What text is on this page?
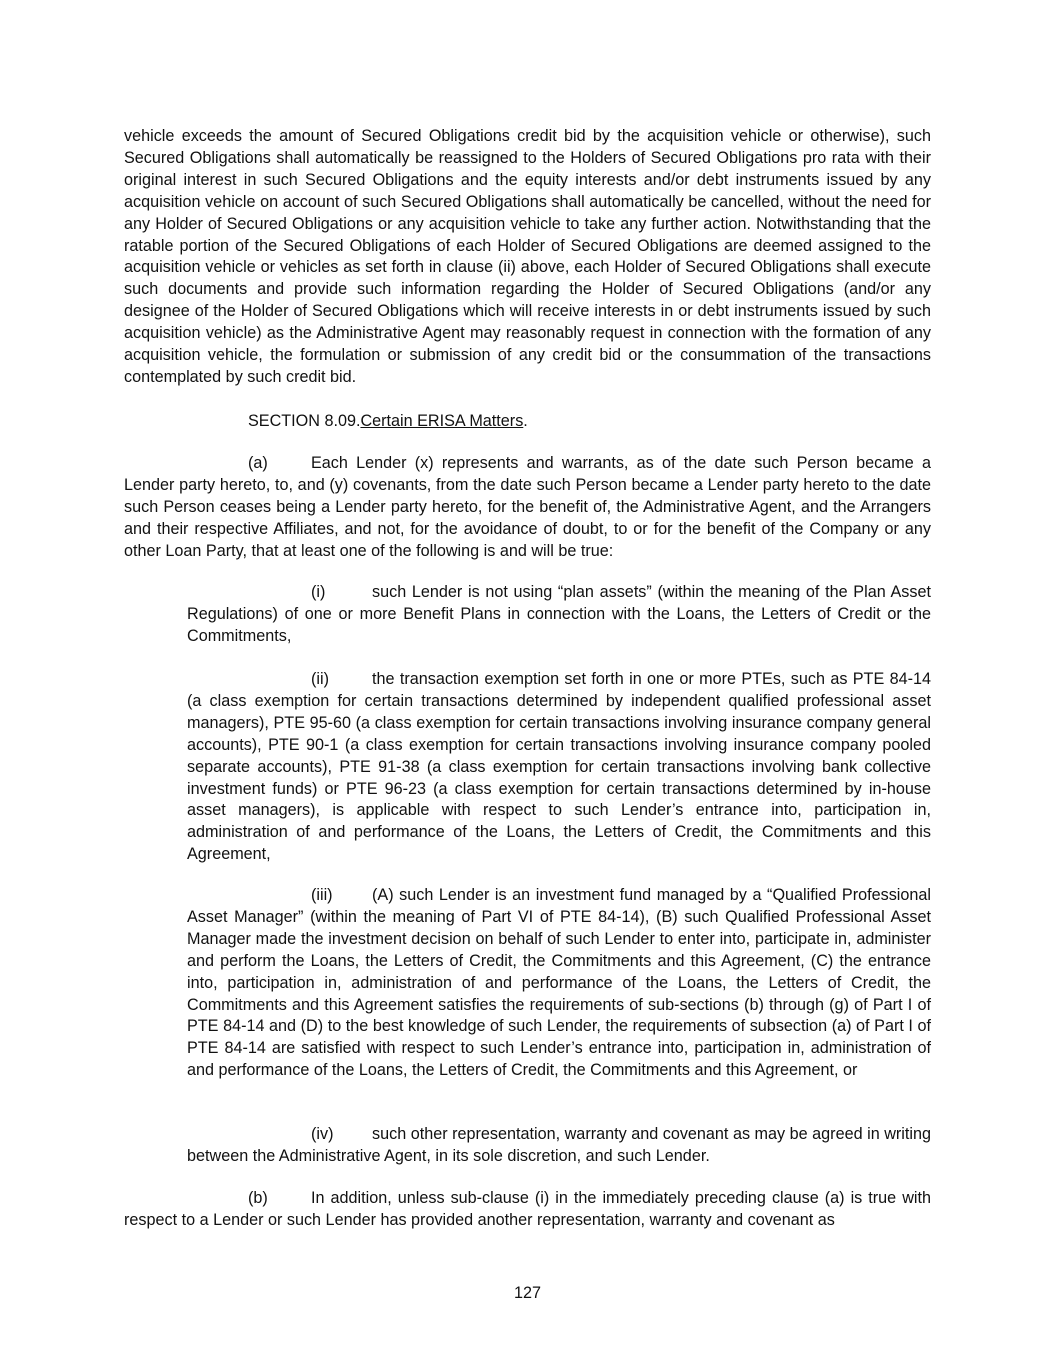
vehicle exceeds the amount of Secured Obligations credit bid by the acquisition vehicle or otherwise), such Secured Obligations shall automatically be reassigned to the Holders of Secured Obligations pro rata with their original interest in such Secured Obligations and the equity interests and/or debt instruments issued by any acquisition vehicle on account of such Secured Obligations shall automatically be cancelled, without the need for any Holder of Secured Obligations or any acquisition vehicle to take any further action. Notwithstanding that the ratable portion of the Secured Obligations of each Holder of Secured Obligations are deemed assigned to the acquisition vehicle or vehicles as set forth in clause (ii) above, each Holder of Secured Obligations shall execute such documents and provide such information regarding the Holder of Secured Obligations (and/or any designee of the Holder of Secured Obligations which will receive interests in or debt instruments issued by such acquisition vehicle) as the Administrative Agent may reasonably request in connection with the formation of any acquisition vehicle, the formulation or submission of any credit bid or the consummation of the transactions contemplated by such credit bid.

SECTION 8.09.Certain ERISA Matters.

(a)	Each Lender (x) represents and warrants, as of the date such Person became a Lender party hereto, to, and (y) covenants, from the date such Person became a Lender party hereto to the date such Person ceases being a Lender party hereto, for the benefit of, the Administrative Agent, and the Arrangers and their respective Affiliates, and not, for the avoidance of doubt, to or for the benefit of the Company or any other Loan Party, that at least one of the following is and will be true:

(i)	such Lender is not using “plan assets” (within the meaning of the Plan Asset Regulations) of one or more Benefit Plans in connection with the Loans, the Letters of Credit or the Commitments,

(ii)	the transaction exemption set forth in one or more PTEs, such as PTE 84-14 (a class exemption for certain transactions determined by independent qualified professional asset managers), PTE 95-60 (a class exemption for certain transactions involving insurance company general accounts), PTE 90-1 (a class exemption for certain transactions involving insurance company pooled separate accounts), PTE 91-38 (a class exemption for certain transactions involving bank collective investment funds) or PTE 96-23 (a class exemption for certain transactions determined by in-house asset managers), is applicable with respect to such Lender’s entrance into, participation in, administration of and performance of the Loans, the Letters of Credit, the Commitments and this Agreement,

(iii) (A) such Lender is an investment fund managed by a “Qualified Professional Asset Manager” (within the meaning of Part VI of PTE 84-14), (B) such Qualified Professional Asset Manager made the investment decision on behalf of such Lender to enter into, participate in, administer and perform the Loans, the Letters of Credit, the Commitments and this Agreement, (C) the entrance into, participation in, administration of and performance of the Loans, the Letters of Credit, the Commitments and this Agreement satisfies the requirements of sub-sections (b) through (g) of Part I of PTE 84-14 and (D) to the best knowledge of such Lender, the requirements of subsection (a) of Part I of PTE 84-14 are satisfied with respect to such Lender’s entrance into, participation in, administration of and performance of the Loans, the Letters of Credit, the Commitments and this Agreement, or

(iv) such other representation, warranty and covenant as may be agreed in writing between the Administrative Agent, in its sole discretion, and such Lender.

(b)	In addition, unless sub-clause (i) in the immediately preceding clause (a) is true with respect to a Lender or such Lender has provided another representation, warranty and covenant as

127
